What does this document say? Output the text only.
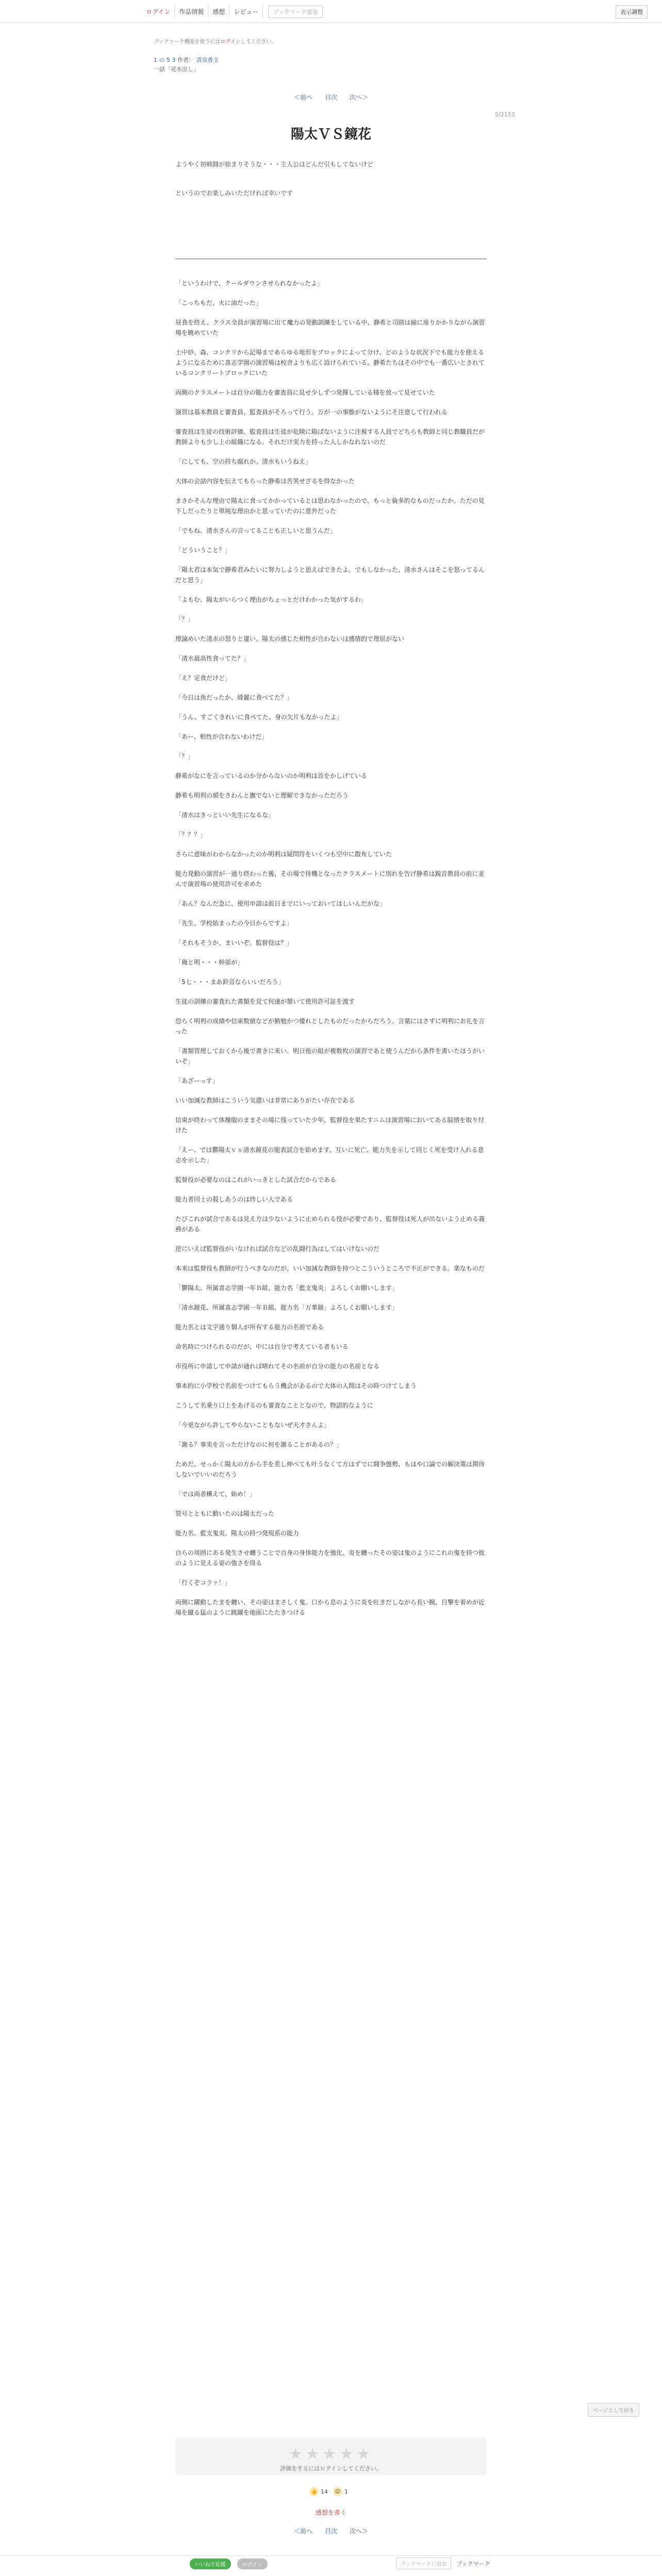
ログイン	作品情報	感想	レビュー	ブックマーク追加	表示調整
ブックマーク機能を使うにはログインしてください。
1 の 5 3 作者： 清泉香主
一話「花水出し」
＜前へ 目次 次へ＞
5/2153
陽太ＶＳ鏡花
ようやく初戦闘が始まりそうな・・・主人公はどんだ引もしてないけど
というのでお楽しみいただければ幸いです

「というわけで、クールダウンさせられなかったよ」

「こっちもだ、火に油だった」

昼食を終え、クラス全員が演習場に出て魔力の発動訓練をしている中、静希と司則は揃に座りかかりながら演習場を眺めていた

土中砂、森、コンクリから記場まであらゆる地形をブロックによって分け、どのような状況下でも能力を使えるようになるために喜志学園の演習場は校舎よりも広く設けられている。静希たちはその中でも一番広いとされているコンクリートブロックにいた

両側のクラスメートは自分の能力を審査員に見せ少しずつ発揮している様を放って見せていた

演習は基本教員と審査員、監査員がそろって行う。万が一の事態がないようにそ注意して行われる

審査員は生徒の技術評価、監査員は生徒が危険に陥ばないように注視する人員でどちらも教師と同じ教職員だが教師よりも少し上の組織になる。それだけ実力を持った人しかなれないのだ

「にしても、空の持ち腐れか。清水もいうねえ」

大体の会話内容を伝えてもらった静希は苦笑せざるを得なかった

まさかそんな理由で陽太に食ってかかっているとは思わなかったので、もっと倫多的なものだったか。ただの見下しだったりと単純な理由かと思っていたのに意外だった

「でもね、清水さんの言ってることも正しいと思うんだ」

「どういうこと？」

「陽太君は本気で静希君みたいに努力しようと思えばできたよ。でもしなかった、清水さんはそこを怒ってるんだと思う」

「よもむ、陽太がいらつく理由がちょっとだけわかった気がするわ」

「？」

理論めいた清水の怒りと違い、陽太の感じた相性が合わないは感情的で理屈がない

「清水最高性食ってた？」

「え？定食だけど」

「今日は魚だったか、綺麗に食べてた？」

「うん、すごくきれいに食べてた、身の欠片もなかったよ」

「あー、相性が合わないわけだ」

「？」

静希がなにを言っているのか分からないのか明利は首をかしげている

静希も明利の頭をさわんと撫でないと理解できなかっただろう

「清水はきっといい先生になるな」

「？？？」

さらに意味がわからなかったのか明利は疑問符をいくつも空中に散布していた

能力発動の演習が一通り終わった後、その場で待機となったクラスメートに別れを告げ静希は鋭音教員の前に並んで演習場の使用許可を求めた

「あん？なんだ急に、使用申請は前日までにいっておいてほしいんだがな」

「先生、学校始まったの今日からですよ」

「それもそうか、まいいぞ。監督役は？」

「俺と明・・・幹部が」

「5七・・・まあ鈴音ならいいだろう」

生徒の訓練の審査れた書類を見て何速が頷いて使用許可証を渡す

恐らく明利の成績や信束数値などが勤勉かつ優れとしたものだったからだろう。言葉にはさずに明利にお礼を言った

「書類管理しておくから後で書きに来い。明日他の組が複数枚の演習であと使うんだから条件を書いたほうがいいぞ」

「あざーっす」

いい加減な教師はこういう気遣いは非常にありがたい存在である

信束が終わって体操服のままその場に残っていた少年、監督役を果たすニムは演習場においてある脳情を取り付けた

「えー、では鬱陽太ｖｓ清水鏡花の能表試合を始めます。互いに死亡、能力失を示して同じく死を受け入れる意志を示した」

監督役が必要なのはこれがいっきとした試合だからである

能力者同士の殺しあうのは珍しい人である

たびこれが試合であるは見え方は少ないように止められる役が必要であり、監督役は死人が出ないよう止める義務がある

逆にいえば監督役がいなければ試合などの乱闘行為はしてはいけないのだ

本来は監督役も教師が行うべきなのだが、いい加減な教師を持つとこういうところで不正ができる。楽なものだ

「鬱陽太、所属喜志学園一年Ｂ組、能力名「藍支鬼炎」よろしくお願いします」

「清水鏡花、所属喜志学園一年Ｂ組、能力名「万華鏡」よろしくお願いします」

能力名とは文字通り個人が所有する能力の名前である

命名時につけられるのだが、中には自分で考えている者もいる

市役所に申請して申請が通れば晴れてその名前が自分の能力の名前となる

事本的に小学校で名前をつけてもらう機会があるので大体の人間はその時つけてしまう

こうして名乗り口上をあげるのも審査なこととなので、物語的なように

「今更ながら許してやらないこともないぜ天才さんよ」

「謝る？事実を言っただけなのに何を謝ることがあるの？」

ためだ、せっかく陽太の方から手を差し伸べても叶うなくて方はずでに闘争態勢、もはや口論での解決策は期待しないでいいのだろう

「では両者構えて、始め！」

管号とともに動いたのは陽太だった

能力名、藍支鬼炎。陽太の持つ発現系の能力

自らの周囲にある発生させ纏うことで自身の身体能力を強化、炎を纏ったその姿は鬼のようにこれの鬼を持つ彼のように見える姿の強さを得る

「行くぞコラァ！」

両側に躍動したまを纏い、その姿はまさしく鬼。口から息のように炎を吐きだしながら長い腕、目撃を着めが近場を蹴る猛のように跳躍を地面にたたきつける

ページとして戻る
★★★★★
評価をするにはログインしてください。
👍 14	☺ 1
感想を書く
＜前へ 目次 次へ＞
いいねで応援	ログイン	ブックマークに追加	ブックマーク
